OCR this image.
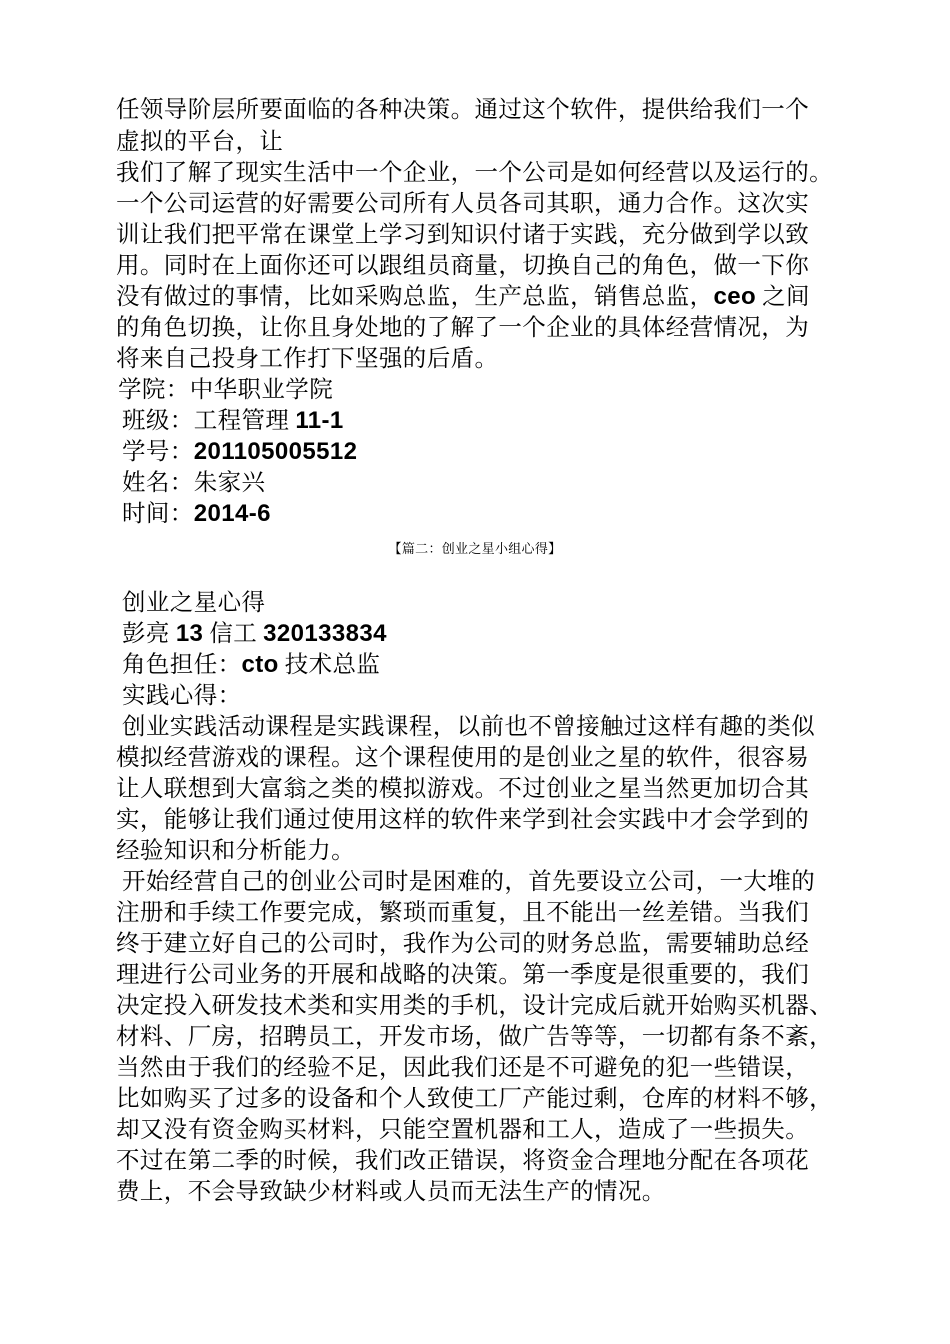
任领导阶层所要面临的各种决策。通过这个软件，提供给我们一个
虚拟的平台，让
我们了解了现实生活中一个企业，一个公司是如何经营以及运行的。
一个公司运营的好需要公司所有人员各司其职，通力合作。这次实
训让我们把平常在课堂上学习到知识付诸于实践，充分做到学以致
用。同时在上面你还可以跟组员商量，切换自己的角色，做一下你
没有做过的事情，比如采购总监，生产总监，销售总监，ceo 之间
的角色切换，让你且身处地的了解了一个企业的具体经营情况，为
将来自己投身工作打下坚强的后盾。
学院：中华职业学院
班级：工程管理 11-1
学号：201105005512
姓名：朱家兴
时间：2014-6
【篇二：创业之星小组心得】
创业之星心得
彭亮 13 信工 320133834
角色担任：cto 技术总监
实践心得：
创业实践活动课程是实践课程，以前也不曾接触过这样有趣的类似
模拟经营游戏的课程。这个课程使用的是创业之星的软件，很容易
让人联想到大富翁之类的模拟游戏。不过创业之星当然更加切合其
实，能够让我们通过使用这样的软件来学到社会实践中才会学到的
经验知识和分析能力。
开始经营自己的创业公司时是困难的，首先要设立公司，一大堆的
注册和手续工作要完成，繁琐而重复，且不能出一丝差错。当我们
终于建立好自己的公司时，我作为公司的财务总监，需要辅助总经
理进行公司业务的开展和战略的决策。第一季度是很重要的，我们
决定投入研发技术类和实用类的手机，设计完成后就开始购买机器、
材料、厂房，招聘员工，开发市场，做广告等等，一切都有条不紊，
当然由于我们的经验不足，因此我们还是不可避免的犯一些错误，
比如购买了过多的设备和个人致使工厂产能过剩，仓库的材料不够，
却又没有资金购买材料，只能空置机器和工人，造成了一些损失。
不过在第二季的时候，我们改正错误，将资金合理地分配在各项花
费上，不会导致缺少材料或人员而无法生产的情况。
